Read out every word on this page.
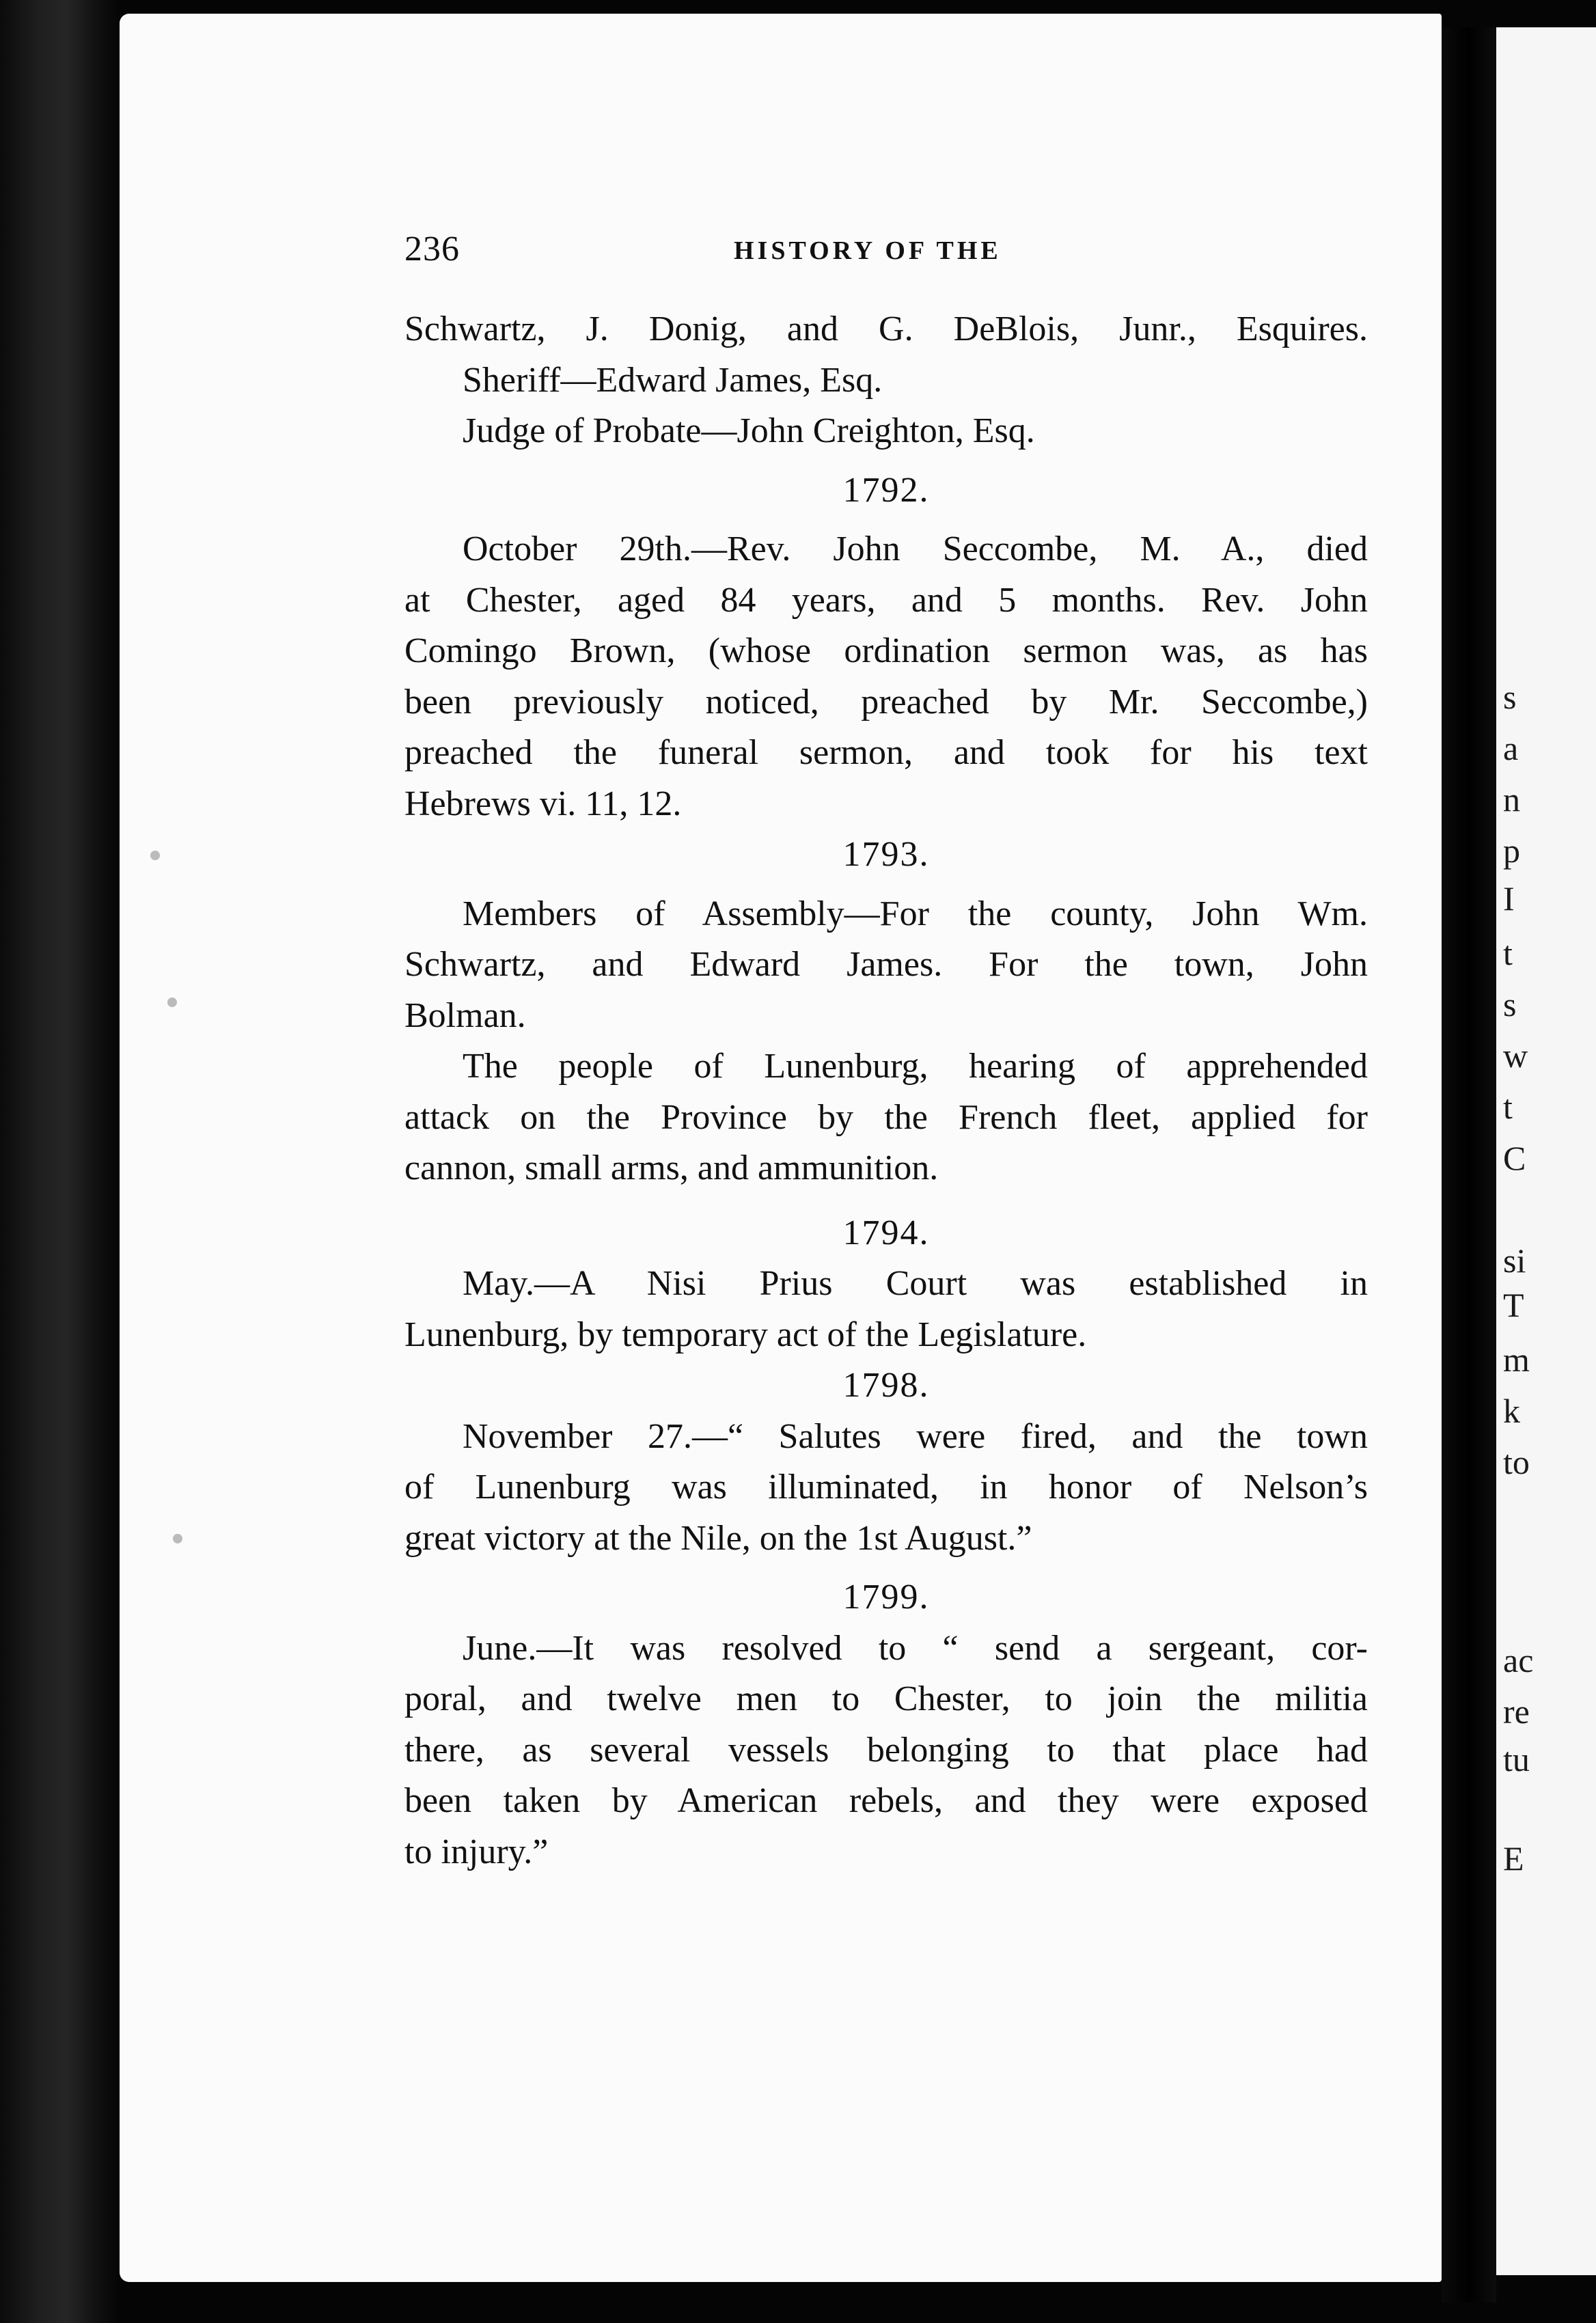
s
a
n
p
I
t
s
w
t
C
si
T
m
k
to
ac
re
tu
E
236	HISTORY OF THE
Schwartz, J. Donig, and G. DeBlois, Junr., Esquires.
Sheriff—Edward James, Esq.
Judge of Probate—John Creighton, Esq.
1792.
October 29th.—Rev. John Seccombe, M. A., died
at Chester, aged 84 years, and 5 months. Rev. John
Comingo Brown, (whose ordination sermon was, as has
been previously noticed, preached by Mr. Seccombe,)
preached the funeral sermon, and took for his text
Hebrews vi. 11, 12.
1793.
Members of Assembly—For the county, John Wm.
Schwartz, and Edward James. For the town, John
Bolman.
The people of Lunenburg, hearing of apprehended
attack on the Province by the French fleet, applied for
cannon, small arms, and ammunition.
1794.
May.—A Nisi Prius Court was established in
Lunenburg, by temporary act of the Legislature.
1798.
November 27.—“ Salutes were fired, and the town
of Lunenburg was illuminated, in honor of Nelson’s
great victory at the Nile, on the 1st August.”
1799.
June.—It was resolved to “ send a sergeant, cor-
poral, and twelve men to Chester, to join the militia
there, as several vessels belonging to that place had
been taken by American rebels, and they were exposed
to injury.”
